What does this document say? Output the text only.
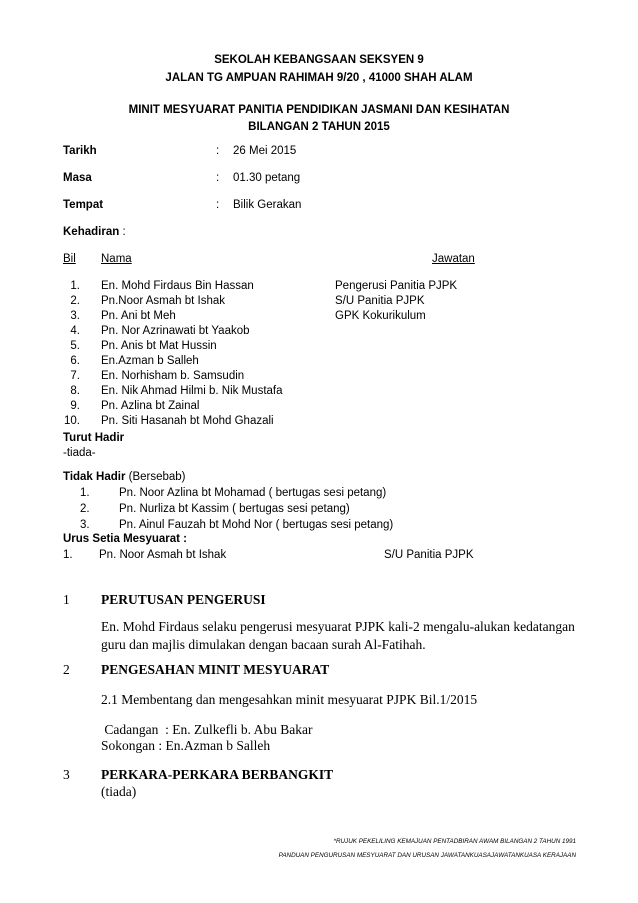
SEKOLAH KEBANGSAAN SEKSYEN 9
JALAN TG AMPUAN RAHIMAH 9/20 , 41000 SHAH ALAM
MINIT MESYUARAT PANITIA PENDIDIKAN JASMANI DAN KESIHATAN
BILANGAN 2 TAHUN 2015
Tarikh	: 26 Mei 2015
Masa	: 01.30 petang
Tempat	: Bilik Gerakan
Kehadiran :
Bil Nama	Jawatan
1. En. Mohd Firdaus Bin Hassan	Pengerusi Panitia PJPK
2. Pn.Noor Asmah bt Ishak	S/U Panitia PJPK
3. Pn. Ani bt Meh	GPK Kokurikulum
4. Pn. Nor Azrinawati bt Yaakob
5. Pn. Anis bt Mat Hussin
6. En.Azman b Salleh
7. En. Norhisham b. Samsudin
8. En. Nik Ahmad Hilmi b. Nik Mustafa
9. Pn. Azlina bt Zainal
10. Pn. Siti Hasanah bt Mohd Ghazali
Turut Hadir
-tiada-
Tidak Hadir (Bersebab)
1.	Pn. Noor Azlina bt Mohamad ( bertugas sesi petang)
2.	Pn. Nurliza bt Kassim ( bertugas sesi petang)
3.	Pn. Ainul Fauzah bt Mohd Nor ( bertugas sesi petang)
Urus Setia Mesyuarat :
1. Pn. Noor Asmah bt Ishak	S/U Panitia PJPK
1 PERUTUSAN PENGERUSI
En. Mohd Firdaus selaku pengerusi mesyuarat PJPK kali-2 mengalu-alukan kedatangan
guru dan majlis dimulakan dengan bacaan surah Al-Fatihah.
2 PENGESAHAN MINIT MESYUARAT
2.1 Membentang dan mengesahkan minit mesyuarat PJPK Bil.1/2015
Cadangan  : En. Zulkefli b. Abu Bakar
Sokongan : En.Azman b Salleh
3 PERKARA-PERKARA BERBANGKIT
(tiada)
*RUJUK PEKELILING KEMAJUAN PENTADBIRAN AWAM BILANGAN 2 TAHUN 1991
PANDUAN PENGURUSAN MESYUARAT DAN URUSAN JAWATANKUASAJAWATANKUASA KERAJAAN
